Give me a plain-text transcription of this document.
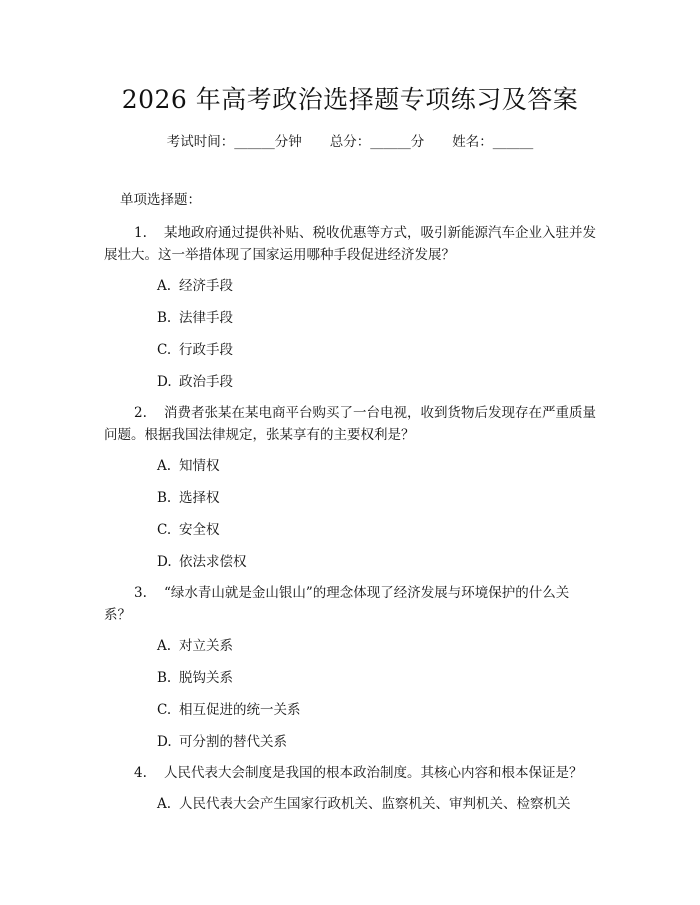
2026 年高考政治选择题专项练习及答案
考试时间：______分钟 总分：______分 姓名：______
单项选择题：
1. 某地政府通过提供补贴、税收优惠等方式，吸引新能源汽车企业入驻并发
展壮大。这一举措体现了国家运用哪种手段促进经济发展？
A. 经济手段
B. 法律手段
C. 行政手段
D. 政治手段
2. 消费者张某在某电商平台购买了一台电视，收到货物后发现存在严重质量
问题。根据我国法律规定，张某享有的主要权利是？
A. 知情权
B. 选择权
C. 安全权
D. 依法求偿权
3. “绿水青山就是金山银山”的理念体现了经济发展与环境保护的什么关
系？
A. 对立关系
B. 脱钩关系
C. 相互促进的统一关系
D. 可分割的替代关系
4. 人民代表大会制度是我国的根本政治制度。其核心内容和根本保证是？
A. 人民代表大会产生国家行政机关、监察机关、审判机关、检察机关
